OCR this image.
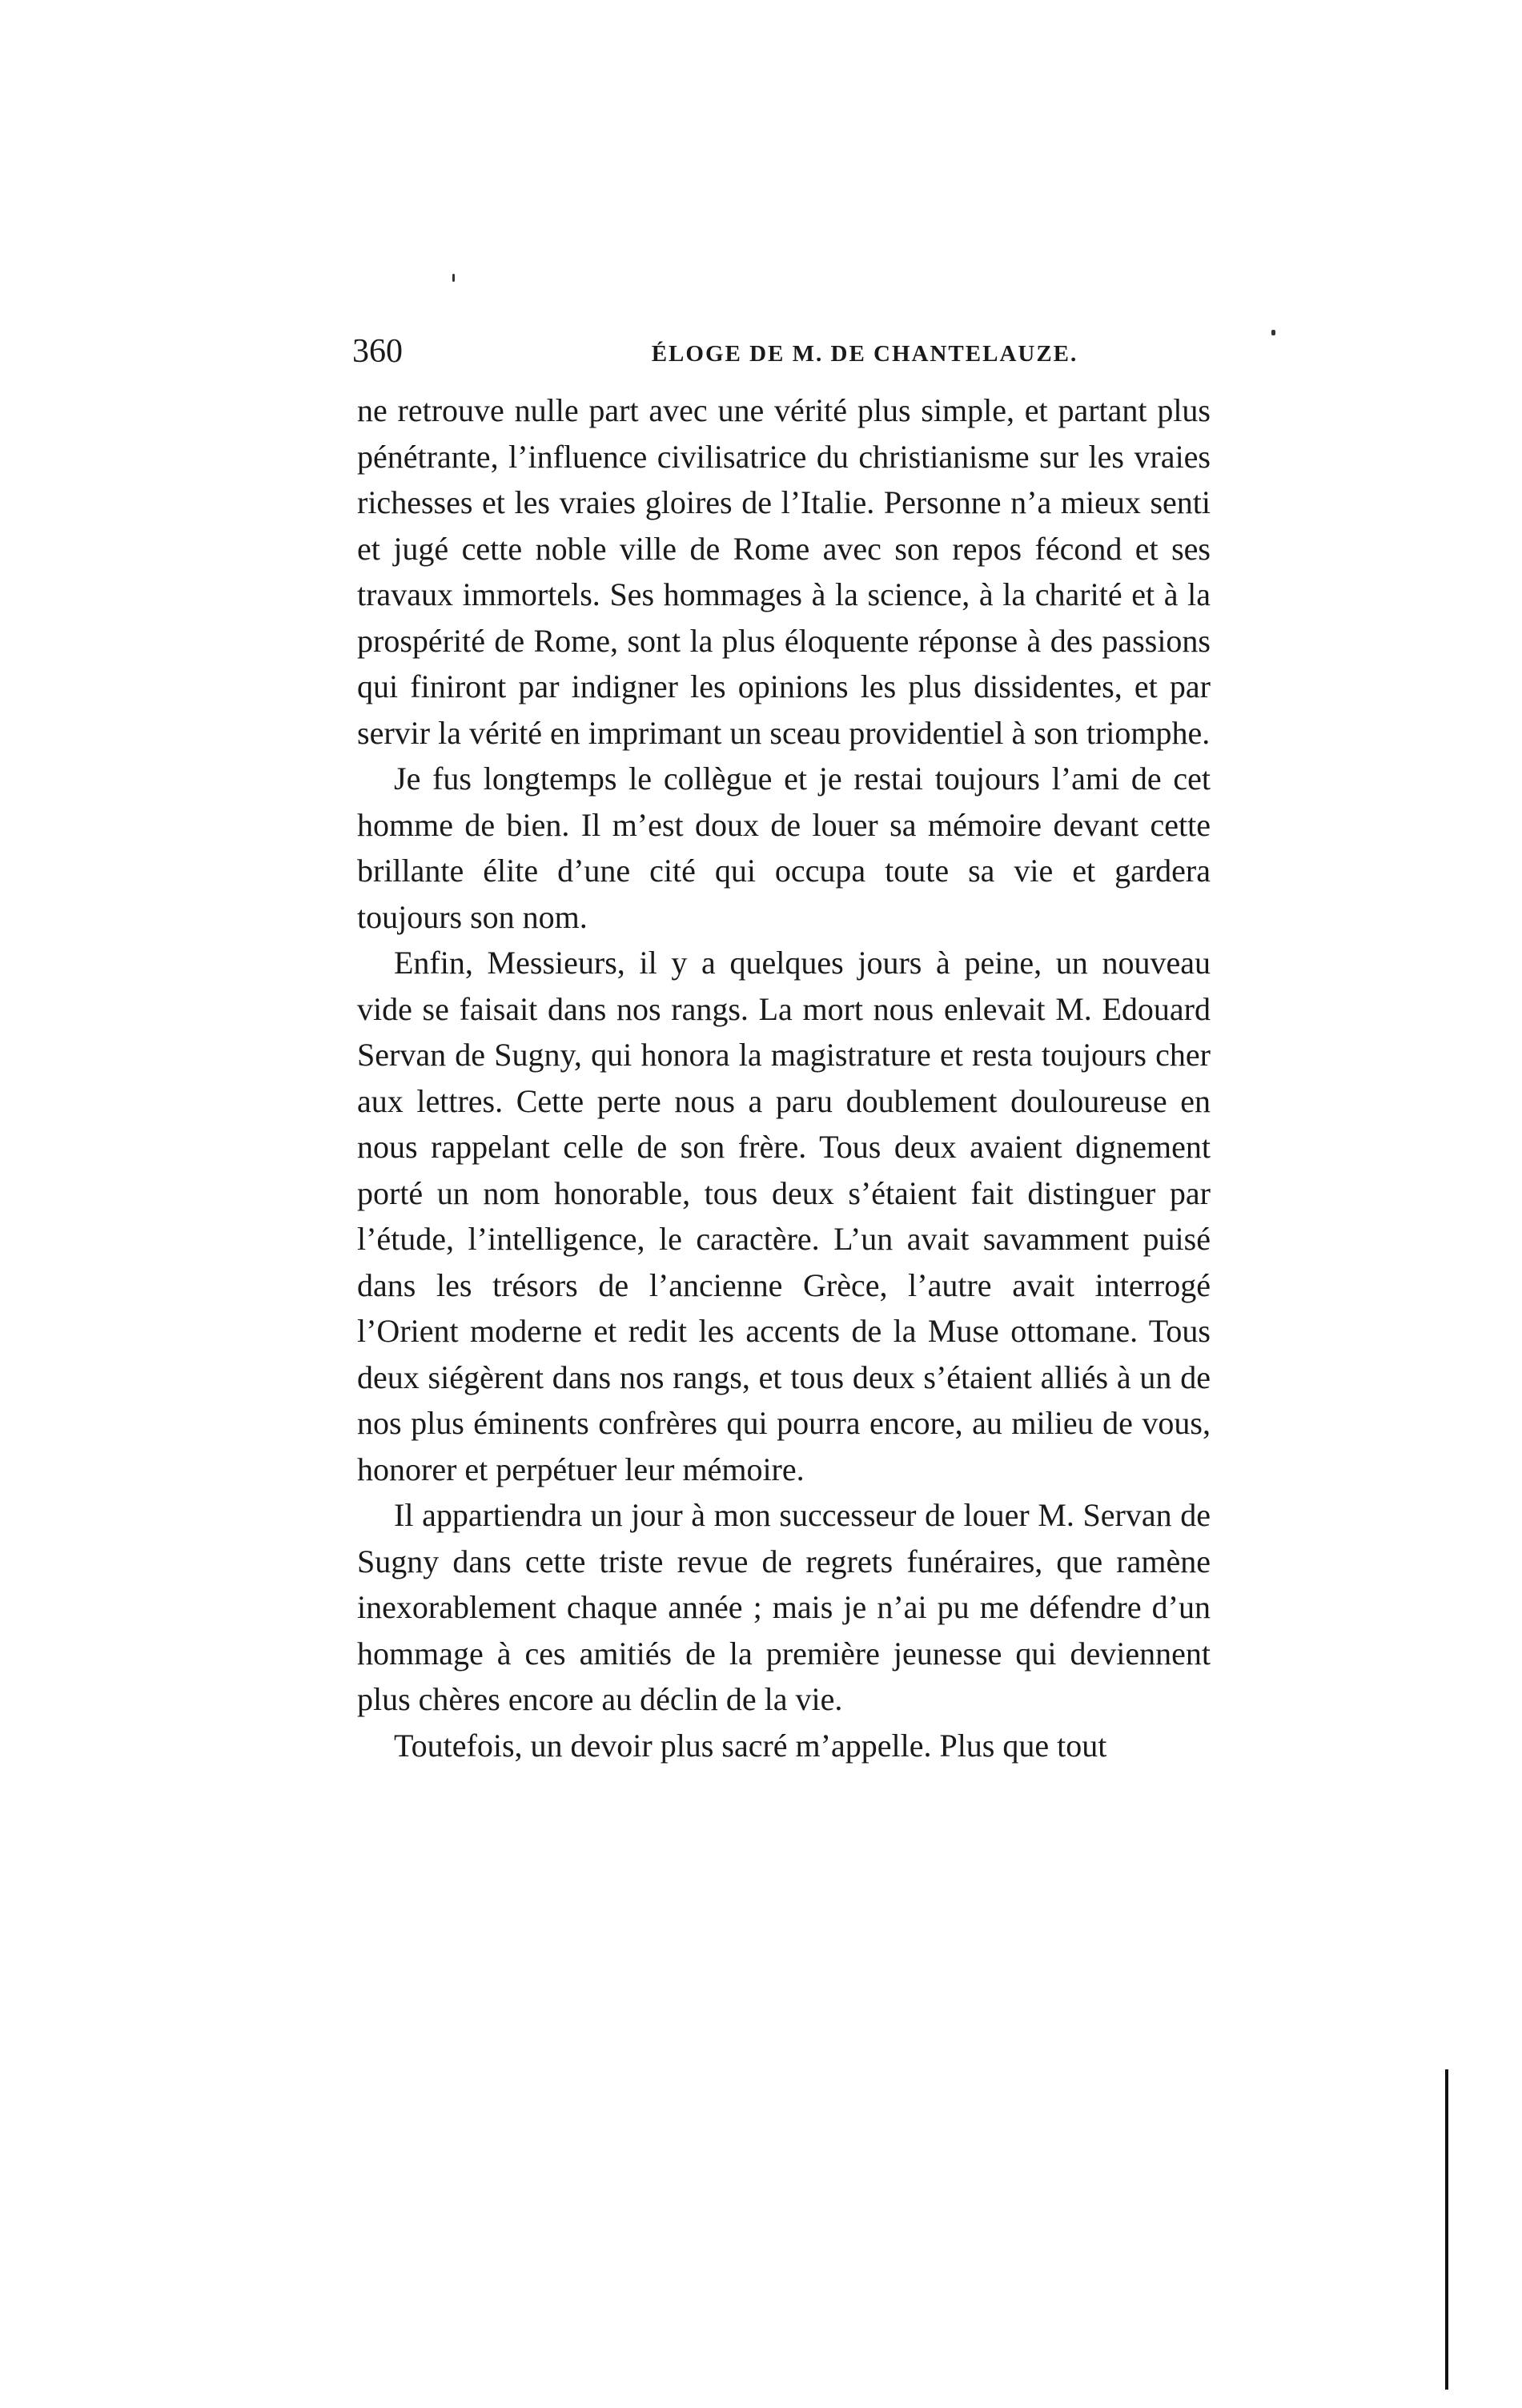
360	ÉLOGE DE M. DE CHANTELAUZE.

ne retrouve nulle part avec une vérité plus simple, et partant plus pénétrante, l’influence civilisatrice du christianisme sur les vraies richesses et les vraies gloires de l’Italie. Personne n’a mieux senti et jugé cette noble ville de Rome avec son repos fécond et ses travaux immortels. Ses hommages à la science, à la charité et à la prospérité de Rome, sont la plus éloquente réponse à des passions qui finiront par indigner les opinions les plus dissidentes, et par servir la vérité en imprimant un sceau providentiel à son triomphe.

Je fus longtemps le collègue et je restai toujours l’ami de cet homme de bien. Il m’est doux de louer sa mémoire devant cette brillante élite d’une cité qui occupa toute sa vie et gardera toujours son nom.

Enfin, Messieurs, il y a quelques jours à peine, un nouveau vide se faisait dans nos rangs. La mort nous enlevait M. Edouard Servan de Sugny, qui honora la magistrature et resta toujours cher aux lettres. Cette perte nous a paru doublement douloureuse en nous rappelant celle de son frère. Tous deux avaient dignement porté un nom honorable, tous deux s’étaient fait distinguer par l’étude, l’intelligence, le caractère. L’un avait savamment puisé dans les trésors de l’ancienne Grèce, l’autre avait interrogé l’Orient moderne et redit les accents de la Muse ottomane. Tous deux siégèrent dans nos rangs, et tous deux s’étaient alliés à un de nos plus éminents confrères qui pourra encore, au milieu de vous, honorer et perpétuer leur mémoire.

Il appartiendra un jour à mon successeur de louer M. Servan de Sugny dans cette triste revue de regrets funéraires, que ramène inexorablement chaque année ; mais je n’ai pu me défendre d’un hommage à ces amitiés de la première jeunesse qui deviennent plus chères encore au déclin de la vie.

Toutefois, un devoir plus sacré m’appelle. Plus que tout
